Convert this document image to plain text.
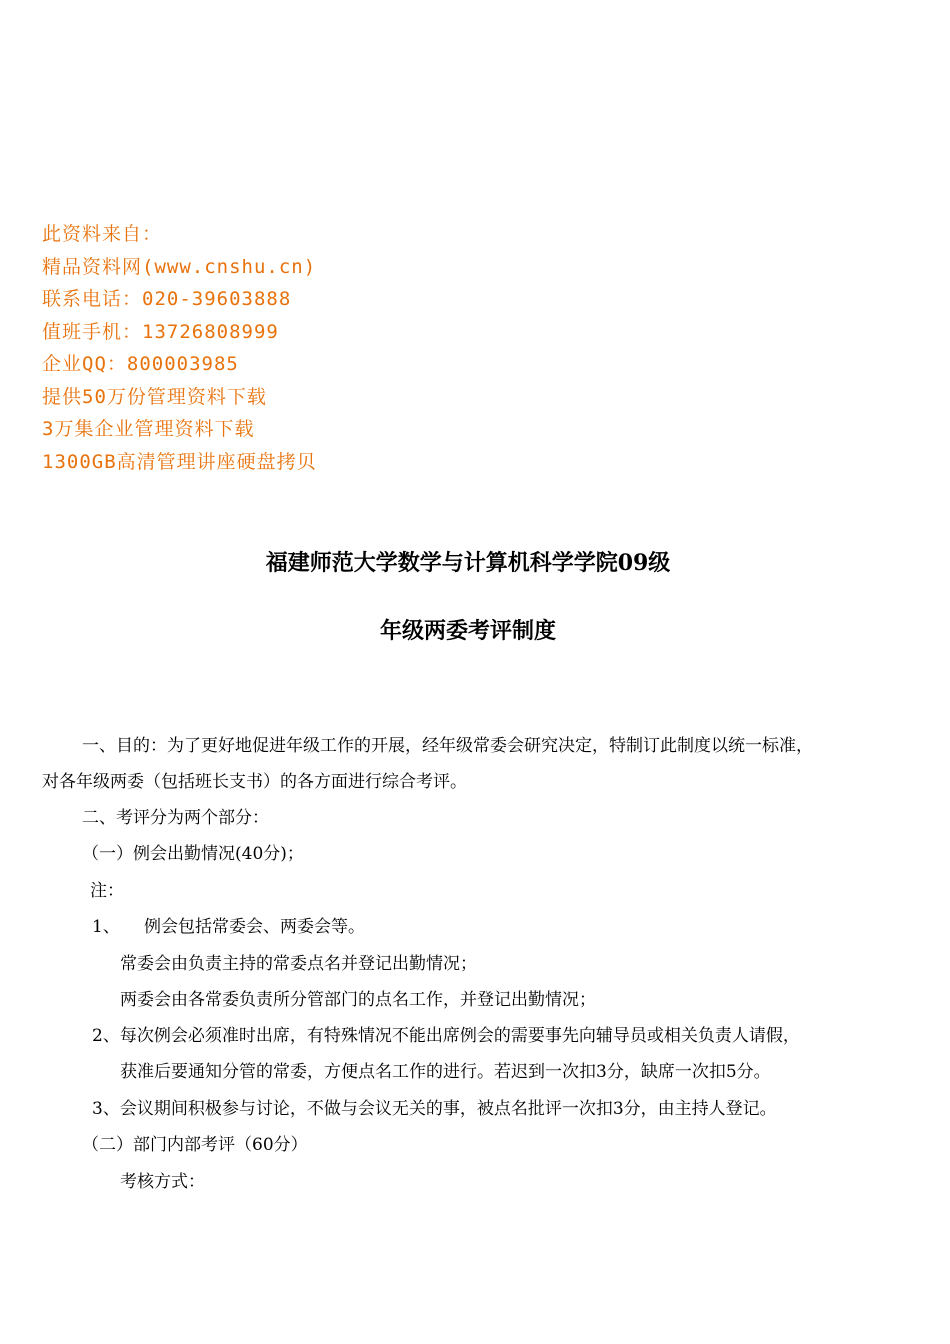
此资料来自：
精品资料网(www.cnshu.cn)
联系电话：020-39603888
值班手机：13726808999
企业QQ：800003985
提供50万份管理资料下载
3万集企业管理资料下载
1300GB高清管理讲座硬盘拷贝
福建师范大学数学与计算机科学学院09级
年级两委考评制度
一、目的：为了更好地促进年级工作的开展，经年级常委会研究决定，特制订此制度以统一标准，
对各年级两委（包括班长支书）的各方面进行综合考评。
二、考评分为两个部分：
（一）例会出勤情况(40分)；
注：
1、 例会包括常委会、两委会等。
常委会由负责主持的常委点名并登记出勤情况；
两委会由各常委负责所分管部门的点名工作，并登记出勤情况；
2、每次例会必须准时出席，有特殊情况不能出席例会的需要事先向辅导员或相关负责人请假，
获准后要通知分管的常委，方便点名工作的进行。若迟到一次扣3分，缺席一次扣5分。
3、会议期间积极参与讨论，不做与会议无关的事，被点名批评一次扣3分，由主持人登记。
（二）部门内部考评（60分）
考核方式：
